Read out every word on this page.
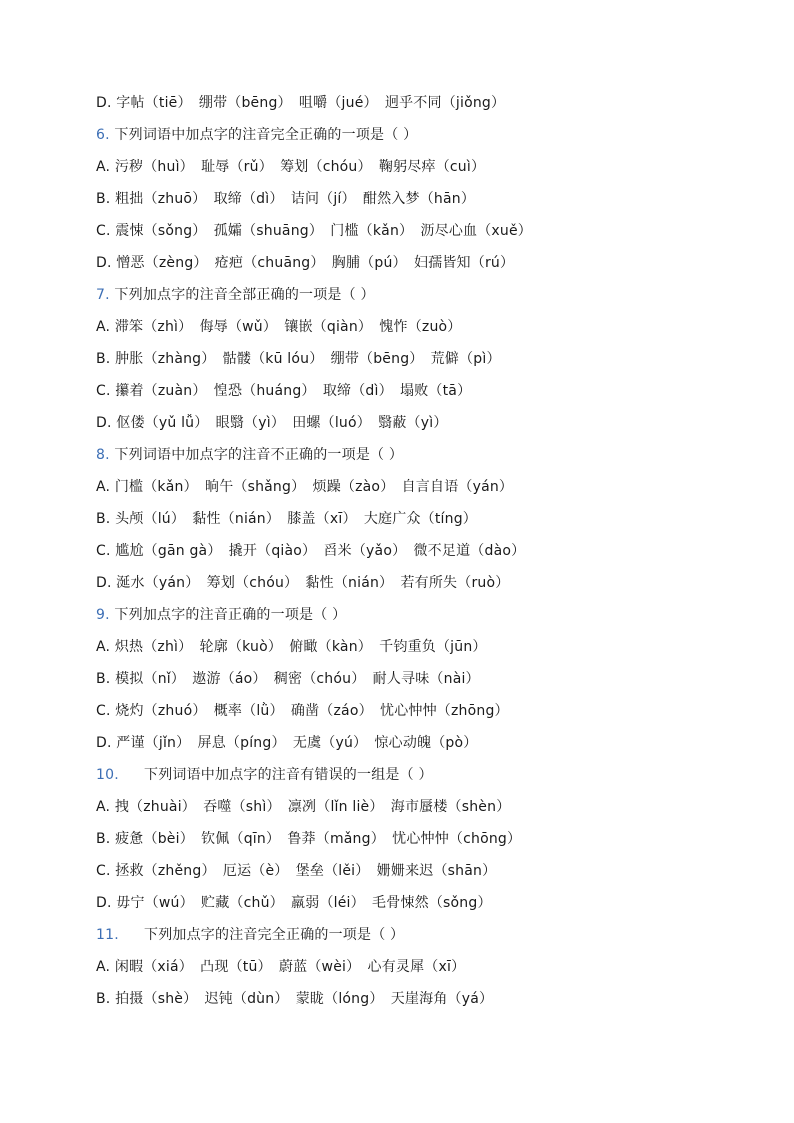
D. 字帖（tiē）　绷带（bēng）　咀嚼（jué）　迥乎不同（jiǒng）
6. 下列词语中加点字的注音完全正确的一项是（ ）
A. 污秽（huì）　耻辱（rǔ）　筹划（chóu）　鞠躬尽瘁（cuì）
B. 粗拙（zhuō）　取缔（dì）　诘问（jí）　酣然入梦（hān）
C. 震悚（sǒng）　孤孀（shuāng）　门槛（kǎn）　沥尽心血（xuě）
D. 憎恶（zèng）　疮疤（chuāng）　胸脯（pú）　妇孺皆知（rú）
7. 下列加点字的注音全部正确的一项是（ ）
A. 滞笨（zhì）　侮辱（wǔ）　镶嵌（qiàn）　愧怍（zuò）
B. 肿胀（zhàng）　骷髅（kū lóu）　绷带（bēng）　荒僻（pì）
C. 攥着（zuàn）　惶恐（huáng）　取缔（dì）　塌败（tā）
D. 伛偻（yǔ lǚ）　眼翳（yì）　田螺（luó）　翳蔽（yì）
8. 下列词语中加点字的注音不正确的一项是（ ）
A. 门槛（kǎn）　晌午（shǎng）　烦躁（zào）　自言自语（yán）
B. 头颅（lú）　黏性（nián）　膝盖（xī）　大庭广众（tíng）
C. 尴尬（gān gà）　撬开（qiào）　舀米（yǎo）　微不足道（dào）
D. 涎水（yán）　筹划（chóu）　黏性（nián）　若有所失（ruò）
9. 下列加点字的注音正确的一项是（ ）
A. 炽热（zhì）　轮廓（kuò）　俯瞰（kàn）　千钧重负（jūn）
B. 模拟（nǐ）　遨游（áo）　稠密（chóu）　耐人寻味（nài）
C. 烧灼（zhuó）　概率（lǜ）　确凿（záo）　忧心忡忡（zhōng）
D. 严谨（jǐn）　屏息（píng）　无虞（yú）　惊心动魄（pò）
10. 下列词语中加点字的注音有错误的一组是（ ）
A. 拽（zhuài）　吞噬（shì）　凛冽（lǐn liè）　海市蜃楼（shèn）
B. 疲惫（bèi）　钦佩（qīn）　鲁莽（mǎng）　忧心忡忡（chōng）
C. 拯救（zhěng）　厄运（è）　堡垒（lěi）　姗姗来迟（shān）
D. 毋宁（wú）　贮藏（chǔ）　羸弱（léi）　毛骨悚然（sǒng）
11. 下列加点字的注音完全正确的一项是（ ）
A. 闲暇（xiá）　凸现（tū）　蔚蓝（wèi）　心有灵犀（xī）
B. 拍摄（shè）　迟钝（dùn）　蒙眬（lóng）　天崖海角（yá）
